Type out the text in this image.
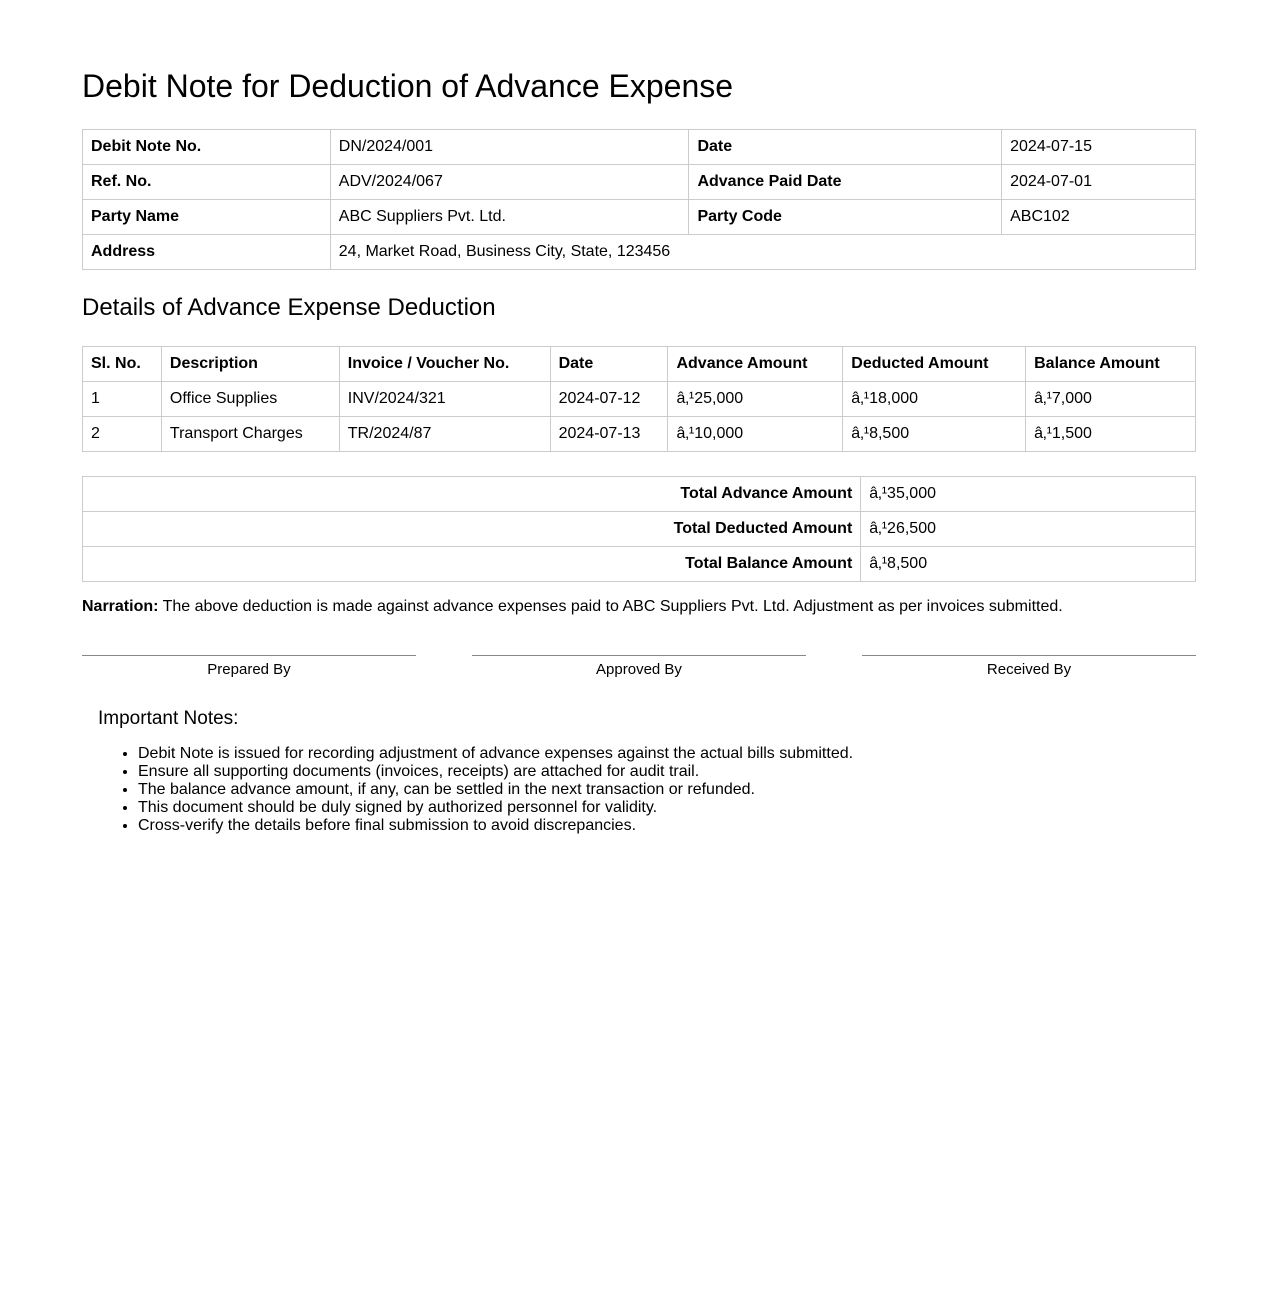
Debit Note for Deduction of Advance Expense
Debit Note No.	DN/2024/001	Date	2024-07-15
Ref. No.	ADV/2024/067	Advance Paid Date	2024-07-01
Party Name	ABC Suppliers Pvt. Ltd.	Party Code	ABC102
Address	24, Market Road, Business City, State, 123456		
Details of Advance Expense Deduction
Sl. No.	Description	Invoice / Voucher No.	Date	Advance Amount	Deducted Amount	Balance Amount
1	Office Supplies	INV/2024/321	2024-07-12	â‚¹25,000	â‚¹18,000	â‚¹7,000
2	Transport Charges	TR/2024/87	2024-07-13	â‚¹10,000	â‚¹8,500	â‚¹1,500
Total Advance Amount	â‚¹35,000
Total Deducted Amount	â‚¹26,500
Total Balance Amount	â‚¹8,500
Narration: The above deduction is made against advance expenses paid to ABC Suppliers Pvt. Ltd. Adjustment as per invoices submitted.
Prepared By	Approved By	Received By
Important Notes:
• Debit Note is issued for recording adjustment of advance expenses against the actual bills submitted.
• Ensure all supporting documents (invoices, receipts) are attached for audit trail.
• The balance advance amount, if any, can be settled in the next transaction or refunded.
• This document should be duly signed by authorized personnel for validity.
• Cross-verify the details before final submission to avoid discrepancies.
